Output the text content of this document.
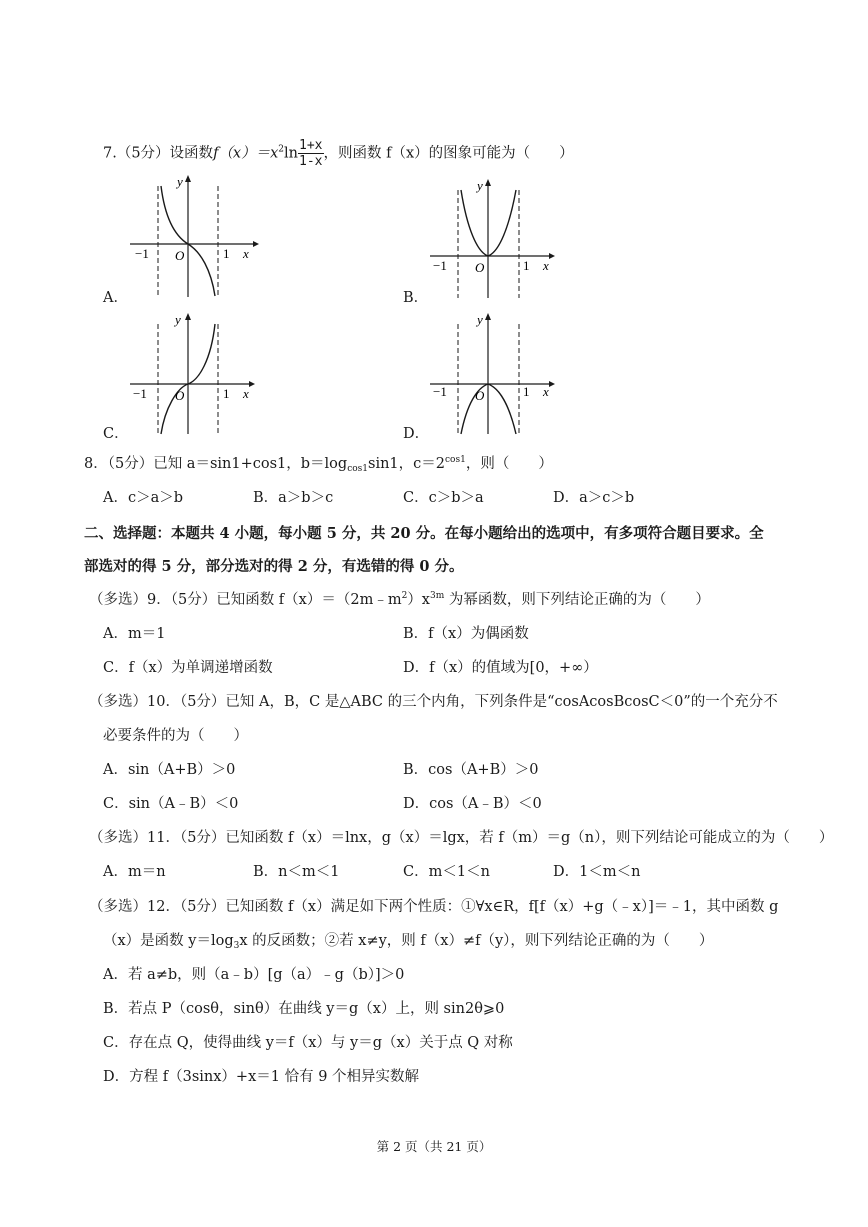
7.（5分）设函数$f(x)=x^2\ln \frac{1+x}{1-x}$ ，则函数 f（x）的图象可能为（　　）
A．
y
x
−1 O	1
B．
y
x
−1 O	1
C．
y
x
−1 O	1
D．
y
x
−1 O	1
8．（5分）已知 a＝sin1+cos1，$b=\log_{cos1}\sin 1$，$c=2^{cos1}$，则（　　）
A．c＞a＞b	B．a＞b＞c	C．c＞b＞a	D．a＞c＞b
二、选择题：本题共 4 小题，每小题 5 分，共 20 分。在每小题给出的选项中，有多项符合题目要求。全
部选对的得 5 分，部分选对的得 2 分，有选错的得 0 分。
（多选）9．（5分）已知函数 $f(x)=(2m﹣m^2)x^{3m}$ 为幂函数，则下列结论正确的为（　　）
A．m＝1	B．f（x）为偶函数
C．f（x）为单调递增函数	D．f（x）的值域为[0，+∞）
（多选）10．（5分）已知 A，B，C 是△ABC 的三个内角，下列条件是“cosAcosBcosC＜0”的一个充分不
必要条件的为（　　）
A．sin（A+B）＞0	B．cos（A+B）＞0
C．sin（A﹣B）＜0	D．cos（A﹣B）＜0
（多选）11．（5分）已知函数 f（x）＝lnx，g（x）＝lgx，若 f（m）＝g（n），则下列结论可能成立的为（　　）
A．m＝n	B．n＜m＜1	C．m＜1＜n	D．1＜m＜n
（多选）12．（5分）已知函数 f（x）满足如下两个性质：①∀x∈R，f[f（x）+g（﹣x）]＝﹣1，其中函数 g
（x）是函数 $y=\log_3x$ 的反函数；②若 x≠y，则 f（x）≠f（y），则下列结论正确的为（　　）
A．若 a≠b，则（a﹣b）[g（a）﹣g（b）]＞0
B．若点 P（cosθ，sinθ）在曲线 y＝g（x）上，则 sin2θ⩾0
C．存在点 Q，使得曲线 y＝f（x）与 y＝g（x）关于点 Q 对称
D．方程 f（3sinx）+x＝1 恰有 9 个相异实数解
第 2 页（共 21 页）
